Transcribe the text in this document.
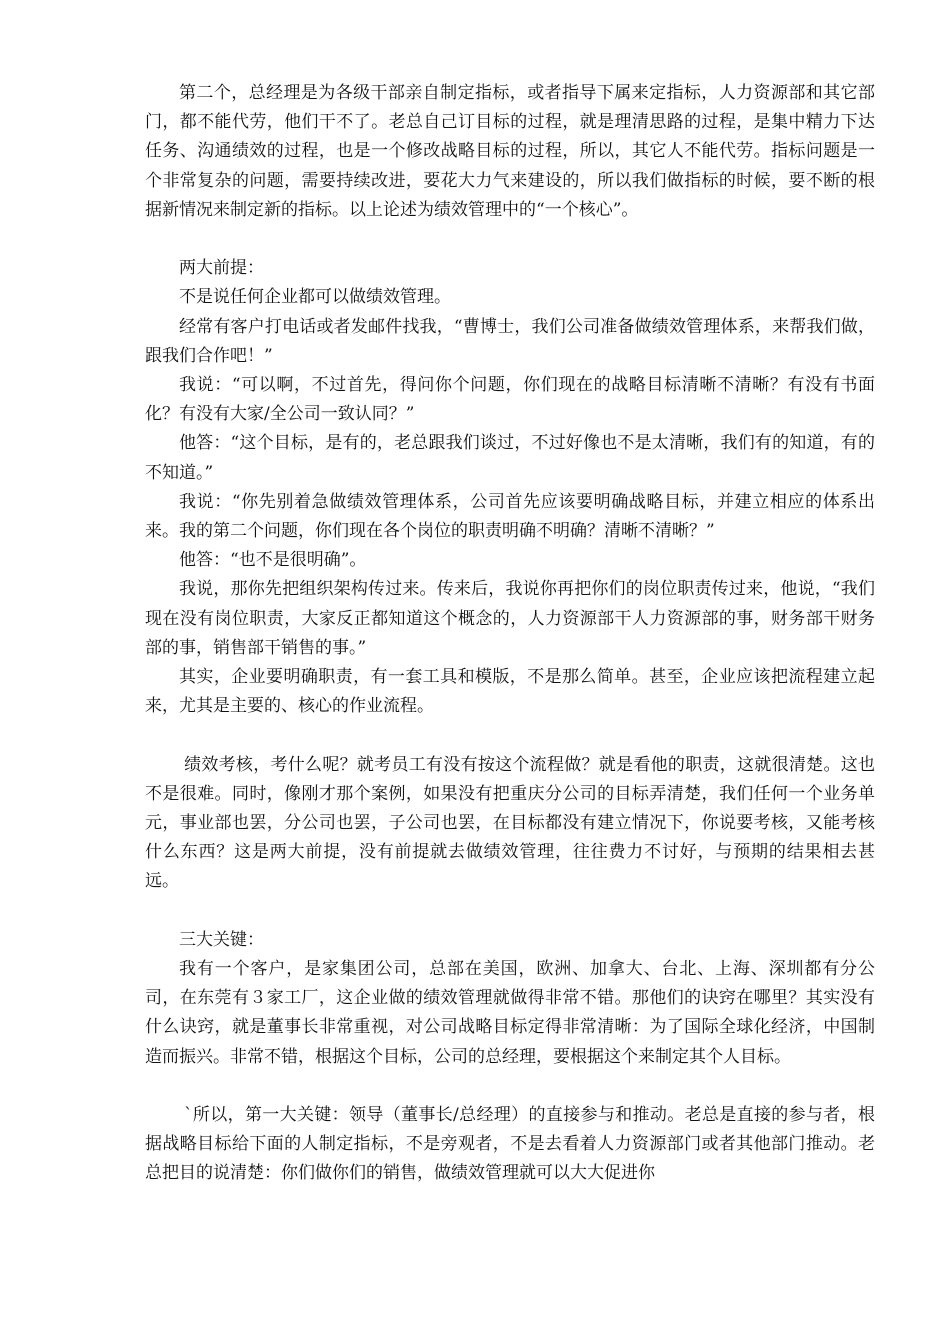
第二个，总经理是为各级干部亲自制定指标，或者指导下属来定指标，人力资源部和其它部门，都不能代劳，他们干不了。老总自己订目标的过程，就是理清思路的过程，是集中精力下达任务、沟通绩效的过程，也是一个修改战略目标的过程，所以，其它人不能代劳。指标问题是一个非常复杂的问题，需要持续改进，要花大力气来建设的，所以我们做指标的时候，要不断的根据新情况来制定新的指标。以上论述为绩效管理中的“一个核心”。

两大前提：

不是说任何企业都可以做绩效管理。

经常有客户打电话或者发邮件找我，“曹博士，我们公司准备做绩效管理体系，来帮我们做，跟我们合作吧！”

我说：“可以啊，不过首先，得问你个问题，你们现在的战略目标清晰不清晰？有没有书面化？有没有大家/全公司一致认同？”

他答：“这个目标，是有的，老总跟我们谈过，不过好像也不是太清晰，我们有的知道，有的不知道。”

我说：“你先别着急做绩效管理体系，公司首先应该要明确战略目标，并建立相应的体系出来。我的第二个问题，你们现在各个岗位的职责明确不明确？清晰不清晰？”

他答：“也不是很明确”。

我说，那你先把组织架构传过来。传来后，我说你再把你们的岗位职责传过来，他说，“我们现在没有岗位职责，大家反正都知道这个概念的，人力资源部干人力资源部的事，财务部干财务部的事，销售部干销售的事。”

其实，企业要明确职责，有一套工具和模版，不是那么简单。甚至，企业应该把流程建立起来，尤其是主要的、核心的作业流程。

绩效考核，考什么呢？就考员工有没有按这个流程做？就是看他的职责，这就很清楚。这也不是很难。同时，像刚才那个案例，如果没有把重庆分公司的目标弄清楚，我们任何一个业务单元，事业部也罢，分公司也罢，子公司也罢，在目标都没有建立情况下，你说要考核，又能考核什么东西？这是两大前提，没有前提就去做绩效管理，往往费力不讨好，与预期的结果相去甚远。

三大关键：

我有一个客户，是家集团公司，总部在美国，欧洲、加拿大、台北、上海、深圳都有分公司，在东莞有３家工厂，这企业做的绩效管理就做得非常不错。那他们的诀窍在哪里？其实没有什么诀窍，就是董事长非常重视，对公司战略目标定得非常清晰：为了国际全球化经济，中国制造而振兴。非常不错，根据这个目标，公司的总经理，要根据这个来制定其个人目标。

`所以，第一大关键：领导（董事长/总经理）的直接参与和推动。老总是直接的参与者，根据战略目标给下面的人制定指标，不是旁观者，不是去看着人力资源部门或者其他部门推动。老总把目的说清楚：你们做你们的销售，做绩效管理就可以大大促进你
